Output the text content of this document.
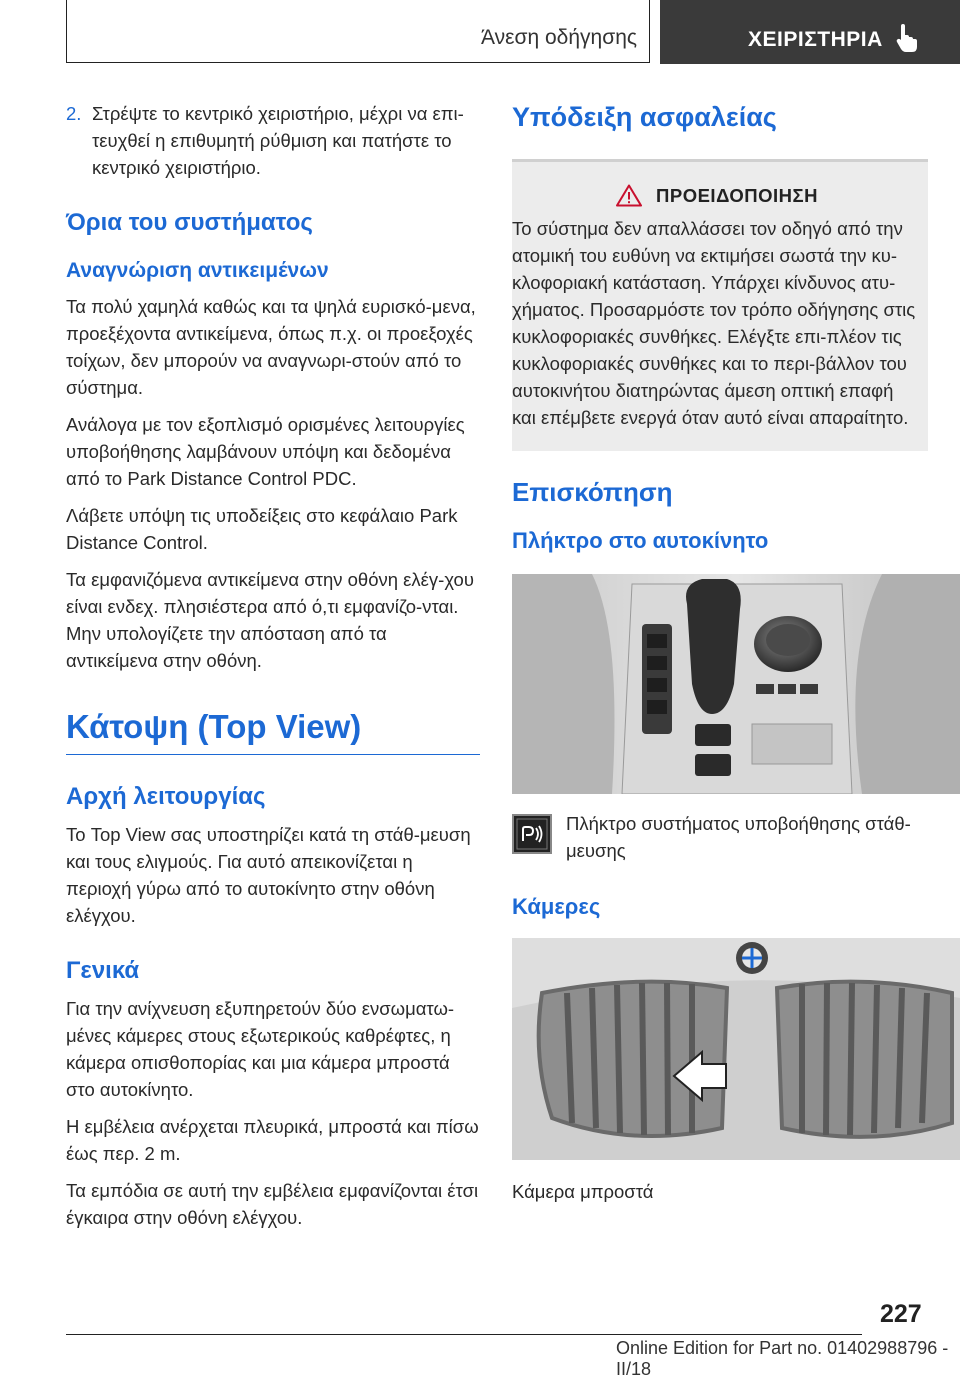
Άνεση οδήγησης	ΧΕΙΡΙΣΤΗΡΙΑ

2. Στρέψτε το κεντρικό χειριστήριο, μέχρι να επι-τευχθεί η επιθυμητή ρύθμιση και πατήστε το κεντρικό χειριστήριο.

Όρια του συστήματος
Αναγνώριση αντικειμένων

Τα πολύ χαμηλά καθώς και τα ψηλά ευρισκό-μενα, προεξέχοντα αντικείμενα, όπως π.χ. οι προεξοχές τοίχων, δεν μπορούν να αναγνωρι-στούν από το σύστημα.

Ανάλογα με τον εξοπλισμό ορισμένες λειτουργίες υποβοήθησης λαμβάνουν υπόψη και δεδομένα από το Park Distance Control PDC.

Λάβετε υπόψη τις υποδείξεις στο κεφάλαιο Park Distance Control.

Τα εμφανιζόμενα αντικείμενα στην οθόνη ελέγ-χου είναι ενδεχ. πλησιέστερα από ό,τι εμφανίζο-νται. Μην υπολογίζετε την απόσταση από τα αντικείμενα στην οθόνη.

Κάτοψη (Top View)
Αρχή λειτουργίας

Το Top View σας υποστηρίζει κατά τη στάθ-μευση και τους ελιγμούς. Για αυτό απεικονίζεται η περιοχή γύρω από το αυτοκίνητο στην οθόνη ελέγχου.

Γενικά

Για την ανίχνευση εξυπηρετούν δύο ενσωματω-μένες κάμερες στους εξωτερικούς καθρέφτες, η κάμερα οπισθοπορίας και μια κάμερα μπροστά στο αυτοκίνητο.

Η εμβέλεια ανέρχεται πλευρικά, μπροστά και πίσω έως περ. 2 m.

Τα εμπόδια σε αυτή την εμβέλεια εμφανίζονται έτσι έγκαιρα στην οθόνη ελέγχου.

Υπόδειξη ασφαλείας
ΠΡΟΕΙΔΟΠΟΙΗΣΗ

Το σύστημα δεν απαλλάσσει τον οδηγό από την ατομική του ευθύνη να εκτιμήσει σωστά την κυ-κλοφοριακή κατάσταση. Υπάρχει κίνδυνος ατυ-χήματος. Προσαρμόστε τον τρόπο οδήγησης στις κυκλοφοριακές συνθήκες. Ελέγξτε επι-πλέον τις κυκλοφοριακές συνθήκες και το περι-βάλλον του αυτοκινήτου διατηρώντας άμεση οπτική επαφή και επέμβετε ενεργά όταν αυτό είναι απαραίτητο.

Επισκόπηση
Πλήκτρο στο αυτοκίνητο

Πλήκτρο συστήματος υποβοήθησης στάθ-μευσης

Κάμερες

Κάμερα μπροστά

227
Online Edition for Part no. 01402988796 - II/18
